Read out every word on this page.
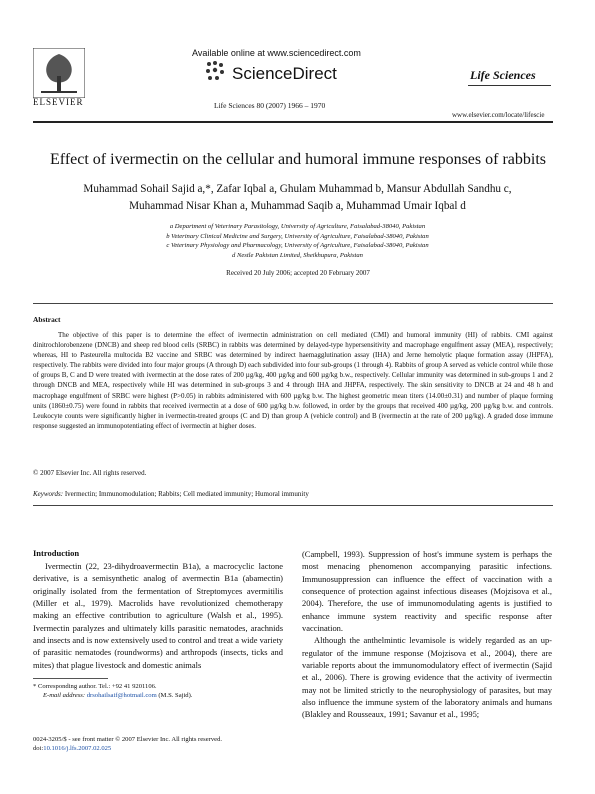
ELSEVIER
Available online at www.sciencedirect.com
ScienceDirect
Life Sciences 80 (2007) 1966 – 1970
Life Sciences
www.elsevier.com/locate/lifescie
Effect of ivermectin on the cellular and humoral immune responses of rabbits
Muhammad Sohail Sajid a,*, Zafar Iqbal a, Ghulam Muhammad b, Mansur Abdullah Sandhu c,
Muhammad Nisar Khan a, Muhammad Saqib a, Muhammad Umair Iqbal d
a Department of Veterinary Parasitology, University of Agriculture, Faisalabad-38040, Pakistan
b Veterinary Clinical Medicine and Surgery, University of Agriculture, Faisalabad-38040, Pakistan
c Veterinary Physiology and Pharmacology, University of Agriculture, Faisalabad-38040, Pakistan
d Nestle Pakistan Limited, Sheikhupura, Pakistan
Received 20 July 2006; accepted 20 February 2007
Abstract

The objective of this paper is to determine the effect of ivermectin administration on cell mediated (CMI) and humoral immunity (HI) of rabbits. CMI against dinitrochlorobenzene (DNCB) and sheep red blood cells (SRBC) in rabbits was determined by delayed-type hypersensitivity and macrophage engulfment assay (MEA), respectively; whereas, HI to Pasteurella multocida B2 vaccine and SRBC was determined by indirect haemagglutination assay (IHA) and Jerne hemolytic plaque formation assay (JHPFA), respectively. The rabbits were divided into four major groups (A through D) each subdivided into four sub-groups (1 through 4). Rabbits of group A served as vehicle control while those of groups B, C and D were treated with ivermectin at the dose rates of 200 µg/kg, 400 µg/kg and 600 µg/kg b.w., respectively. Cellular immunity was determined in sub-groups 1 and 2 through DNCB and MEA, respectively while HI was determined in sub-groups 3 and 4 through IHA and JHPFA, respectively. The skin sensitivity to DNCB at 24 and 48 h and macrophage engulfment of SRBC were highest (P>0.05) in rabbits administered with 600 µg/kg b.w. The highest geometric mean titers (14.00±0.31) and number of plaque forming units (1860±0.75) were found in rabbits that received ivermectin at a dose of 600 µg/kg b.w. followed, in order by the groups that received 400 µg/kg, 200 µg/kg b.w. and controls. Leukocyte counts were significantly higher in ivermectin-treated groups (C and D) than group A (vehicle control) and B (ivermectin at the rate of 200 µg/kg). A graded dose immune response suggested an immunopotentiating effect of ivermectin at higher doses.

© 2007 Elsevier Inc. All rights reserved.
Keywords: Ivermectin; Immunomodulation; Rabbits; Cell mediated immunity; Humoral immunity
Introduction

Ivermectin (22, 23-dihydroavermectin B1a), a macrocyclic lactone derivative, is a semisynthetic analog of avermectin B1a (abamectin) originally isolated from the fermentation of Streptomyces avermitilis (Miller et al., 1979). Macrolids have revolutionized chemotherapy making an effective contribution to agriculture (Walsh et al., 1995). Ivermectin paralyzes and ultimately kills parasitic nematodes, arachnids and insects and is now extensively used to control and treat a wide variety of parasitic nematodes (roundworms) and arthropods (insects, ticks and mites) that plague livestock and domestic animals

(Campbell, 1993). Suppression of host's immune system is perhaps the most menacing phenomenon accompanying parasitic infections. Immunosuppression can influence the effect of vaccination with a consequence of protection against infectious diseases (Mojzisova et al., 2004). Therefore, the use of immunomodulating agents is justified to enhance immune system reactivity and specific response after vaccination.

Although the anthelmintic levamisole is widely regarded as an up-regulator of the immune response (Mojzisova et al., 2004), there are variable reports about the immunomodulatory effect of ivermectin (Sajid et al., 2006). There is growing evidence that the activity of ivermectin may not be limited strictly to the neurophysiology of parasites, but may also influence the immune system of the laboratory animals and humans (Blakley and Rousseaux, 1991; Savanur et al., 1995;

* Corresponding author. Tel.: +92 41 9201106.
E-mail address: drsohailsaif@hotmail.com (M.S. Sajid).
0024-3205/$ - see front matter © 2007 Elsevier Inc. All rights reserved.
doi:10.1016/j.lfs.2007.02.025
